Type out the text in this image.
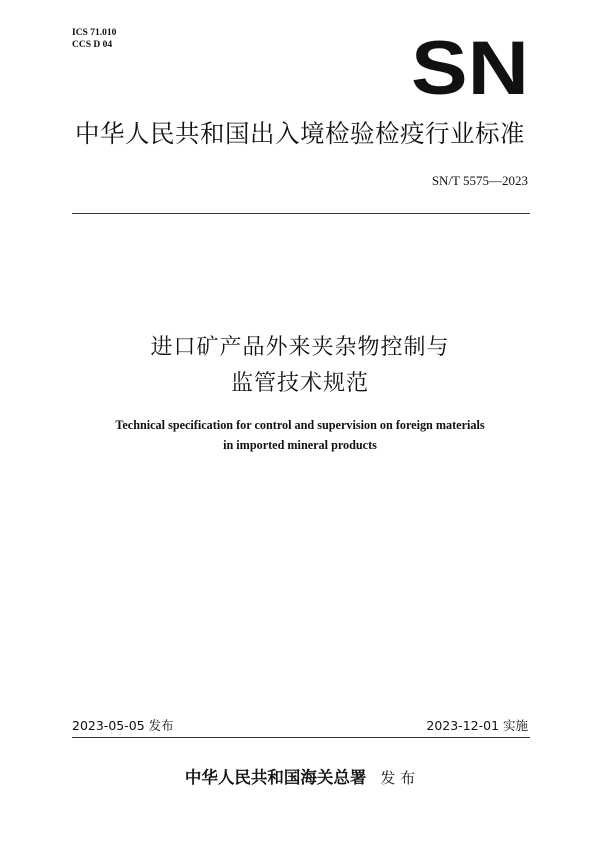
ICS 71.010
CCS D 04	SN
中华人民共和国出入境检验检疫行业标准
SN/T 5575—2023
进口矿产品外来夹杂物控制与
监管技术规范
Technical specification for control and supervision on foreign materials
in imported mineral products
2023-05-05 发布	2023-12-01 实施
中华人民共和国海关总署 发 布
